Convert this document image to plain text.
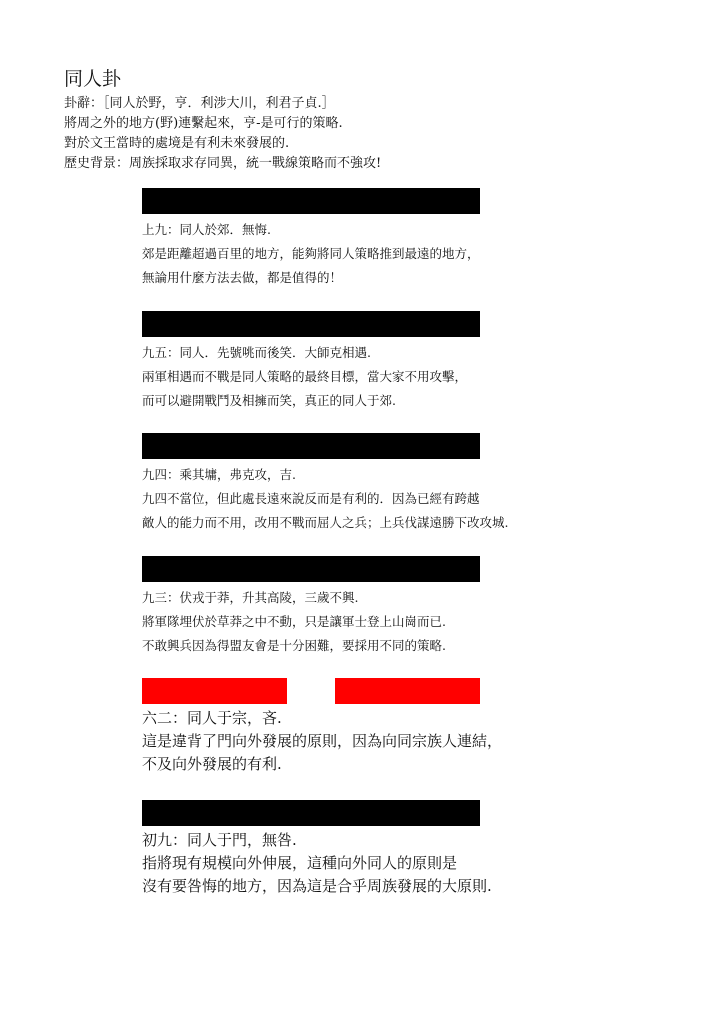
同人卦
卦辭：［同人於野，亨．利涉大川，利君子貞.］
將周之外的地方(野)連繫起來，亨-是可行的策略.
對於文王當時的處境是有利未來發展的.
歷史背景：周族採取求存同異，統一戰線策略而不強攻!
上九：同人於郊．無悔.
郊是距離超過百里的地方，能夠將同人策略推到最遠的地方，
無論用什麼方法去做，都是值得的！
九五：同人．先號咷而後笑．大師克相遇.
兩軍相遇而不戰是同人策略的最終目標，當大家不用攻擊，
而可以避開戰鬥及相擁而笑，真正的同人于郊.
九四：乘其墉，弗克攻，吉.
九四不當位，但此處長遠來說反而是有利的．因為已經有跨越
敵人的能力而不用，改用不戰而屈人之兵；上兵伐謀遠勝下改攻城.
九三：伏戎于莽，升其高陵，三歲不興.
將軍隊埋伏於草莽之中不動，只是讓軍士登上山崗而已.
不敢興兵因為得盟友會是十分困難，要採用不同的策略.
六二：同人于宗，吝.
這是違背了門向外發展的原則，因為向同宗族人連結，
不及向外發展的有利.
初九：同人于門，無咎.
指將現有規模向外伸展，這種向外同人的原則是
沒有要咎悔的地方，因為這是合乎周族發展的大原則.
